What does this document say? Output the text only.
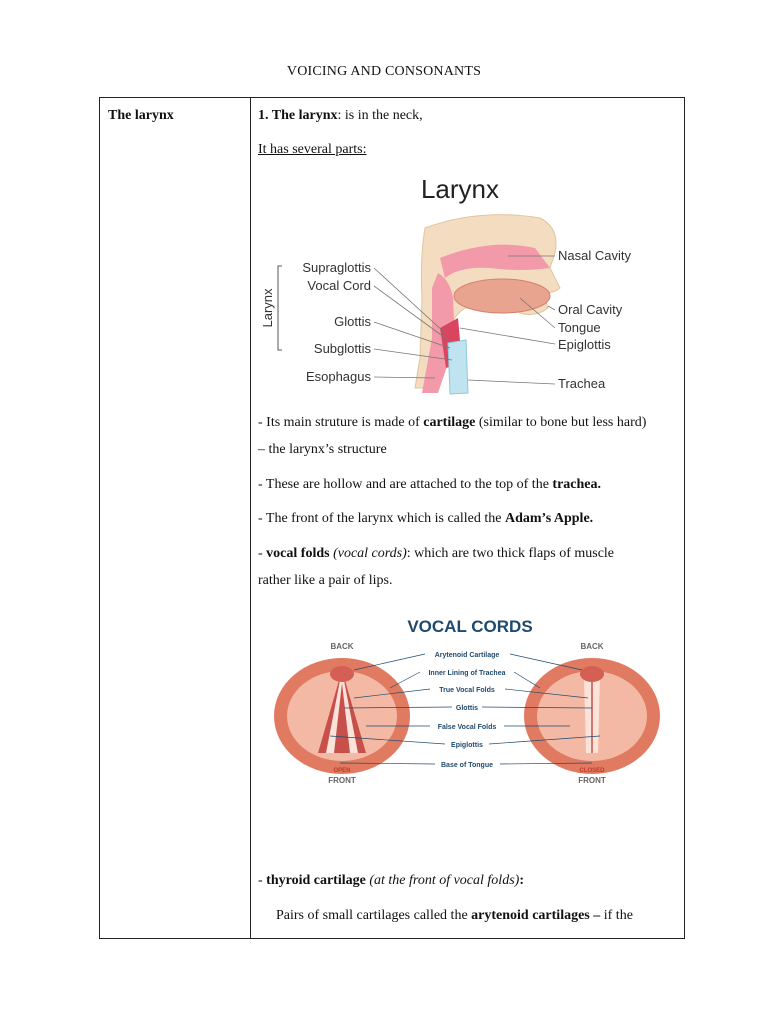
VOICING AND CONSONANTS
The larynx	1. The larynx: is in the neck,
It has several parts:
Larynx
Supraglottis
Vocal Cord
Glottis
Subglottis
Esophagus
Larynx
Nasal Cavity
Oral Cavity
Tongue
Epiglottis
Trachea
- Its main struture is made of cartilage (similar to bone but less hard)
– the larynx’s structure
- These are hollow and are attached to the top of the trachea.
- The front of the larynx which is called the Adam’s Apple.
- vocal folds (vocal cords): which are two thick flaps of muscle
rather like a pair of lips.
VOCAL CORDS
BACK	BACK
Arytenoid Cartilage
Inner Lining of Trachea
True Vocal Folds
Glottis
False Vocal Folds
Epiglottis
Base of Tongue
OPEN
FRONT
CLOSED
FRONT
- thyroid cartilage (at the front of vocal folds):
Pairs of small cartilages called the arytenoid cartilages – if the
